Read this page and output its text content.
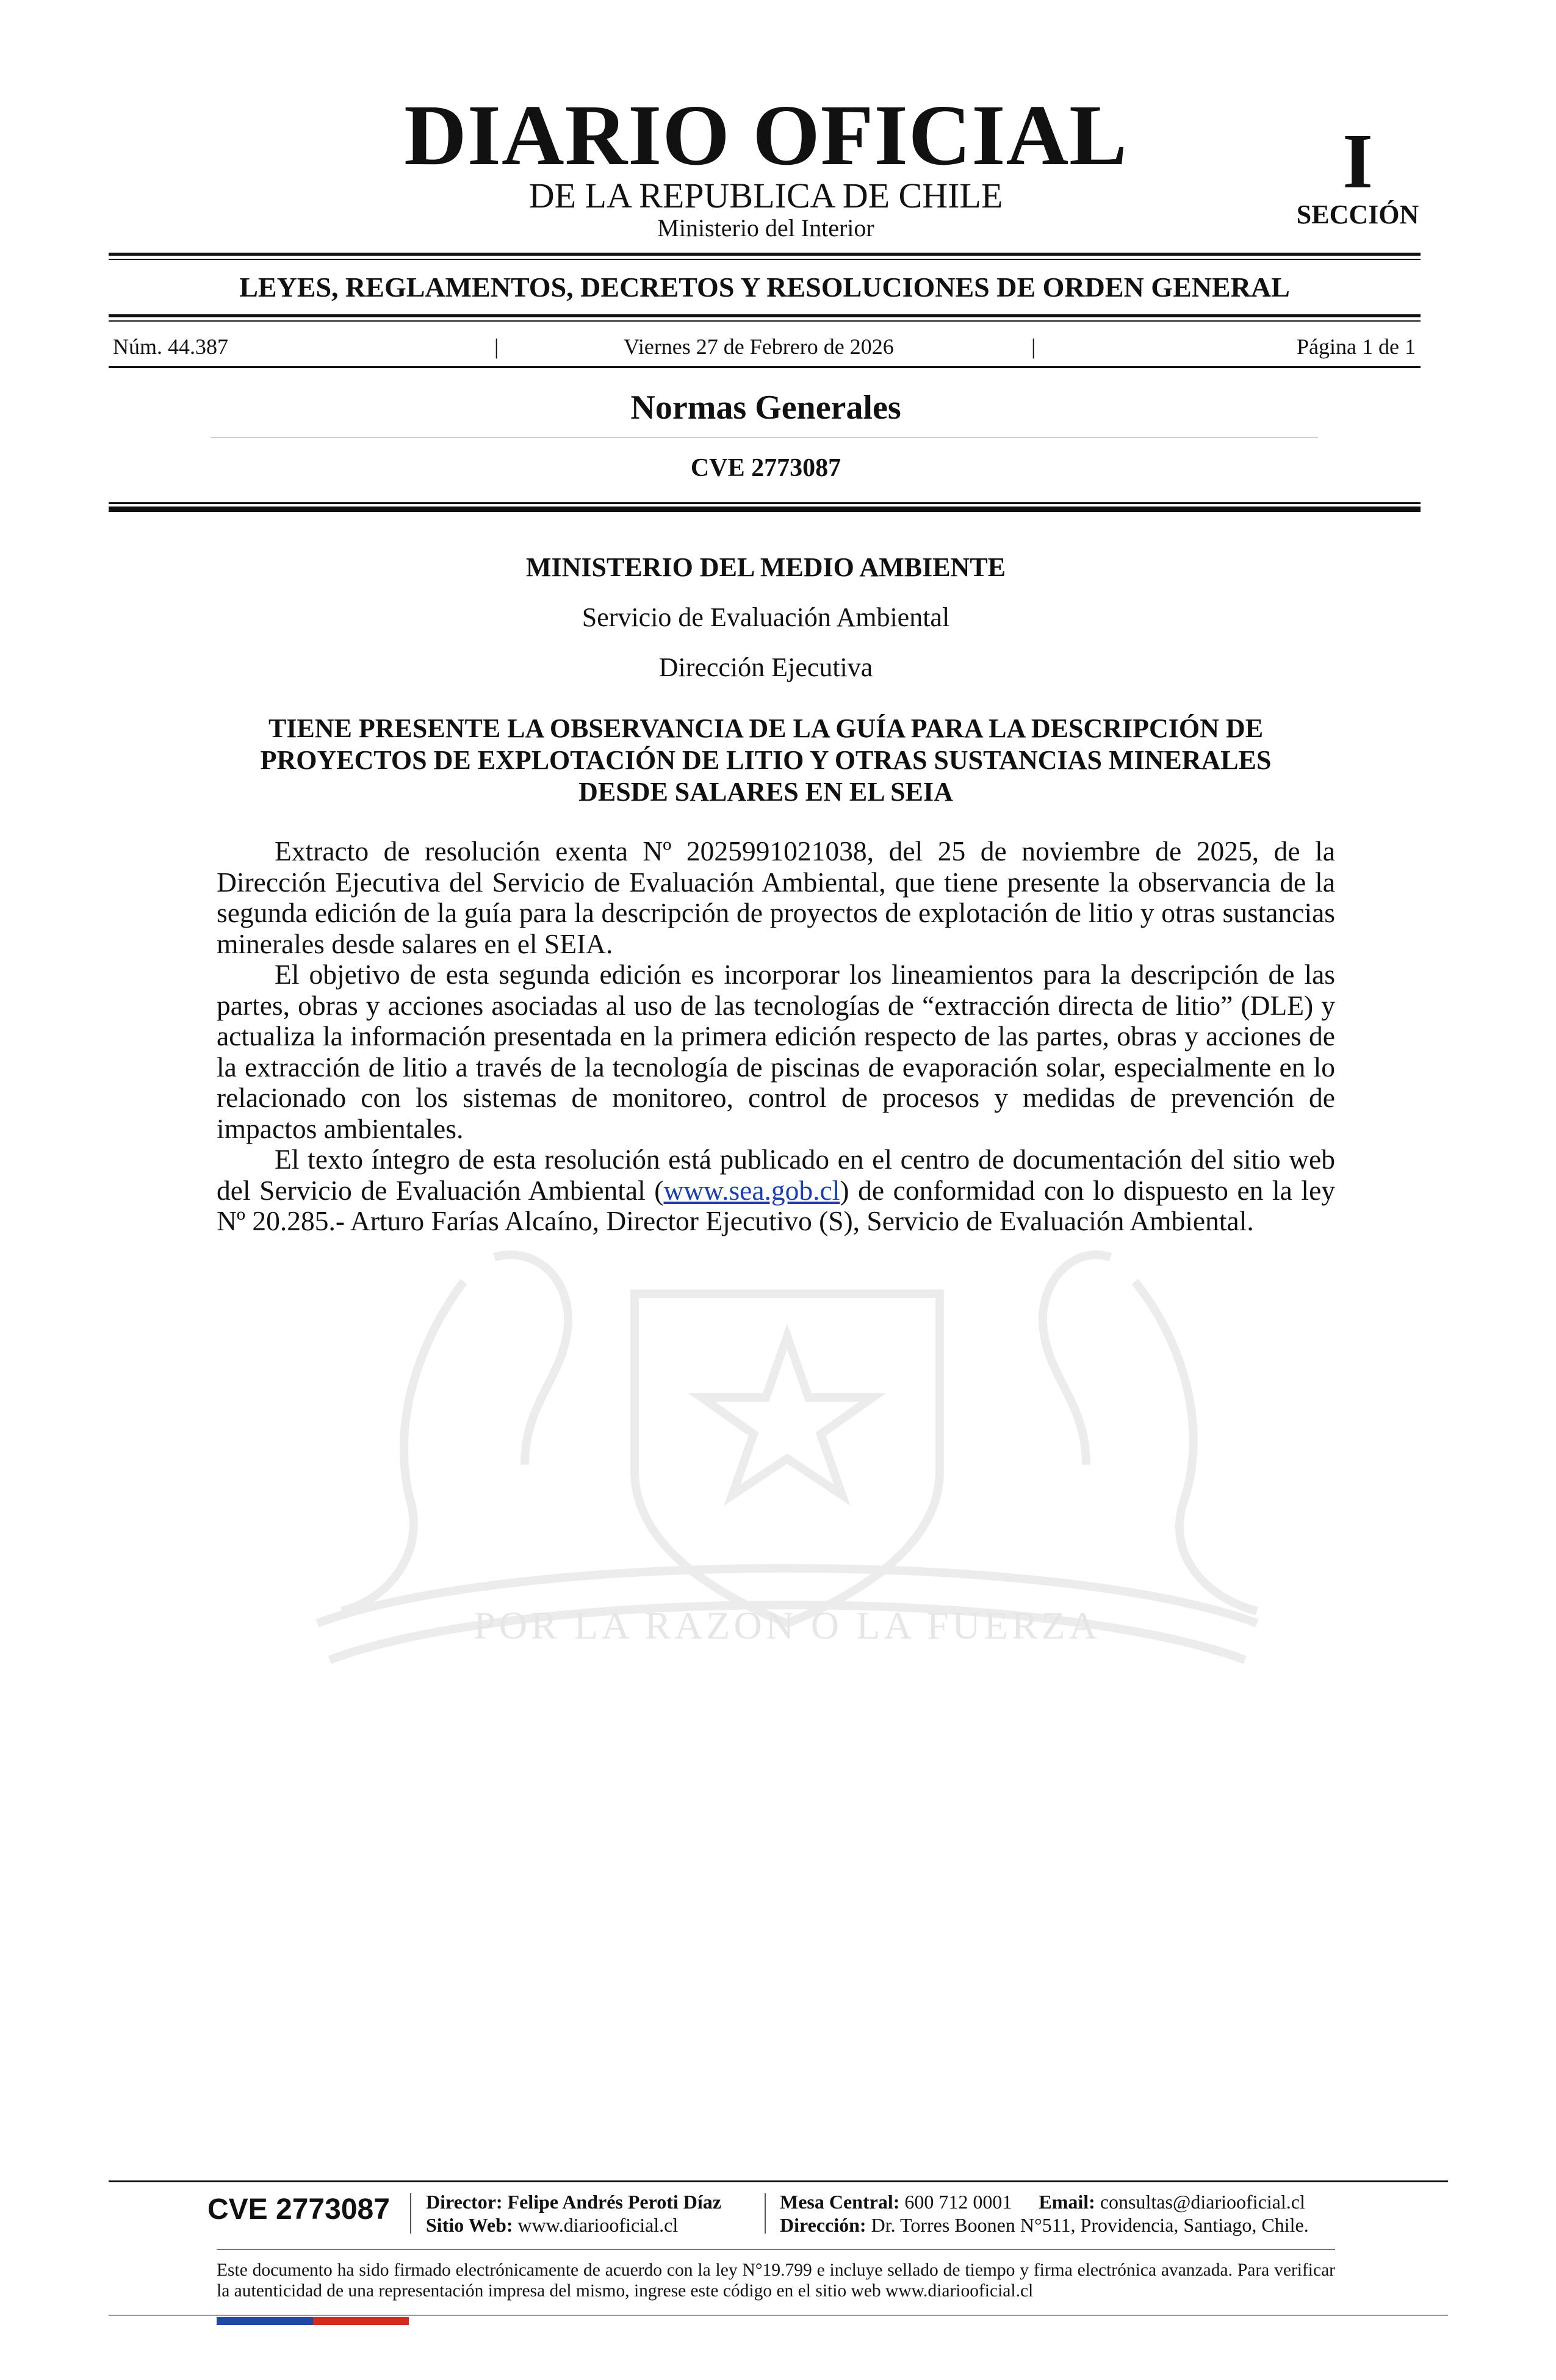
DIARIO OFICIAL
DE LA REPUBLICA DE CHILE
Ministerio del Interior
I
SECCIÓN
LEYES, REGLAMENTOS, DECRETOS Y RESOLUCIONES DE ORDEN GENERAL
Núm. 44.387	|	Viernes 27 de Febrero de 2026	|	Página 1 de 1
Normas Generales
CVE 2773087
POR LA RAZON O LA FUERZA
MINISTERIO DEL MEDIO AMBIENTE
Servicio de Evaluación Ambiental
Dirección Ejecutiva
TIENE PRESENTE LA OBSERVANCIA DE LA GUÍA PARA LA DESCRIPCIÓN DE PROYECTOS DE EXPLOTACIÓN DE LITIO Y OTRAS SUSTANCIAS MINERALES DESDE SALARES EN EL SEIA

Extracto de resolución exenta Nº 2025991021038, del 25 de noviembre de 2025, de la Dirección Ejecutiva del Servicio de Evaluación Ambiental, que tiene presente la observancia de la segunda edición de la guía para la descripción de proyectos de explotación de litio y otras sustancias minerales desde salares en el SEIA.

El objetivo de esta segunda edición es incorporar los lineamientos para la descripción de las partes, obras y acciones asociadas al uso de las tecnologías de “extracción directa de litio” (DLE) y actualiza la información presentada en la primera edición respecto de las partes, obras y acciones de la extracción de litio a través de la tecnología de piscinas de evaporación solar, especialmente en lo relacionado con los sistemas de monitoreo, control de procesos y medidas de prevención de impactos ambientales.

El texto íntegro de esta resolución está publicado en el centro de documentación del sitio web del Servicio de Evaluación Ambiental (www.sea.gob.cl) de conformidad con lo dispuesto en la ley Nº 20.285.- Arturo Farías Alcaíno, Director Ejecutivo (S), Servicio de Evaluación Ambiental.

CVE 2773087	Director: Felipe Andrés Peroti Díaz
Sitio Web: www.diariooficial.cl
Mesa Central: 600 712 0001 Email: consultas@diariooficial.cl
Dirección: Dr. Torres Boonen N°511, Providencia, Santiago, Chile.
Este documento ha sido firmado electrónicamente de acuerdo con la ley N°19.799 e incluye sellado de tiempo y firma electrónica avanzada. Para verificar la autenticidad de una representación impresa del mismo, ingrese este código en el sitio web www.diariooficial.cl
